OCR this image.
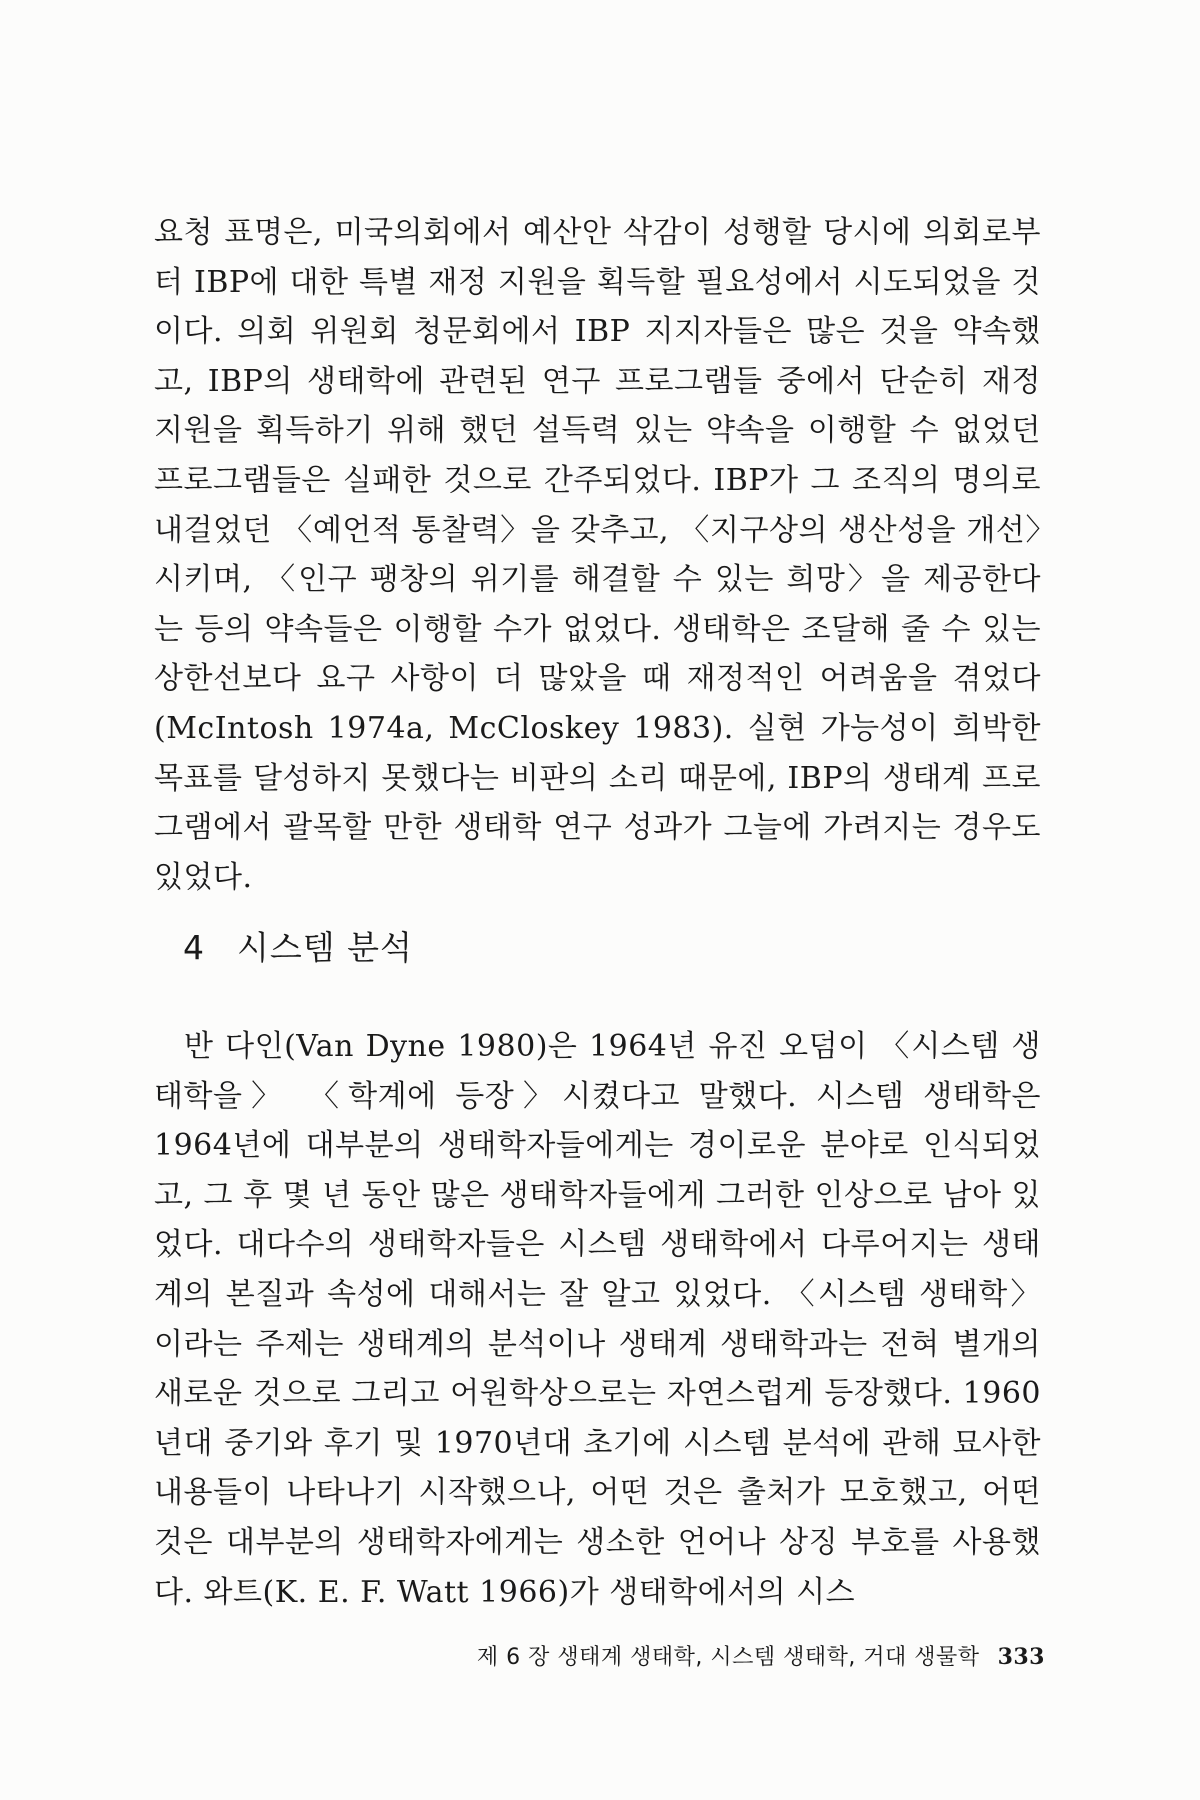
요청 표명은, 미국의회에서 예산안 삭감이 성행할 당시에 의회로부터 IBP에 대한 특별 재정 지원을 획득할 필요성에서 시도되었을 것이다. 의회 위원회 청문회에서 IBP 지지자들은 많은 것을 약속했고, IBP의 생태학에 관련된 연구 프로그램들 중에서 단순히 재정 지원을 획득하기 위해 했던 설득력 있는 약속을 이행할 수 없었던 프로그램들은 실패한 것으로 간주되었다. IBP가 그 조직의 명의로 내걸었던 〈예언적 통찰력〉을 갖추고, 〈지구상의 생산성을 개선〉시키며, 〈인구 팽창의 위기를 해결할 수 있는 희망〉을 제공한다는 등의 약속들은 이행할 수가 없었다. 생태학은 조달해 줄 수 있는 상한선보다 요구 사항이 더 많았을 때 재정적인 어려움을 겪었다(McIntosh 1974a, McCloskey 1983). 실현 가능성이 희박한 목표를 달성하지 못했다는 비판의 소리 때문에, IBP의 생태계 프로그램에서 괄목할 만한 생태학 연구 성과가 그늘에 가려지는 경우도 있었다.

4 시스템 분석

반 다인(Van Dyne 1980)은 1964년 유진 오덤이 〈시스템 생태학을〉 〈학계에 등장〉시켰다고 말했다. 시스템 생태학은 1964년에 대부분의 생태학자들에게는 경이로운 분야로 인식되었고, 그 후 몇 년 동안 많은 생태학자들에게 그러한 인상으로 남아 있었다. 대다수의 생태학자들은 시스템 생태학에서 다루어지는 생태계의 본질과 속성에 대해서는 잘 알고 있었다. 〈시스템 생태학〉이라는 주제는 생태계의 분석이나 생태계 생태학과는 전혀 별개의 새로운 것으로 그리고 어원학상으로는 자연스럽게 등장했다. 1960년대 중기와 후기 및 1970년대 초기에 시스템 분석에 관해 묘사한 내용들이 나타나기 시작했으나, 어떤 것은 출처가 모호했고, 어떤 것은 대부분의 생태학자에게는 생소한 언어나 상징 부호를 사용했다. 와트(K. E. F. Watt 1966)가 생태학에서의 시스

제 6 장 생태계 생태학, 시스템 생태학, 거대 생물학 333
